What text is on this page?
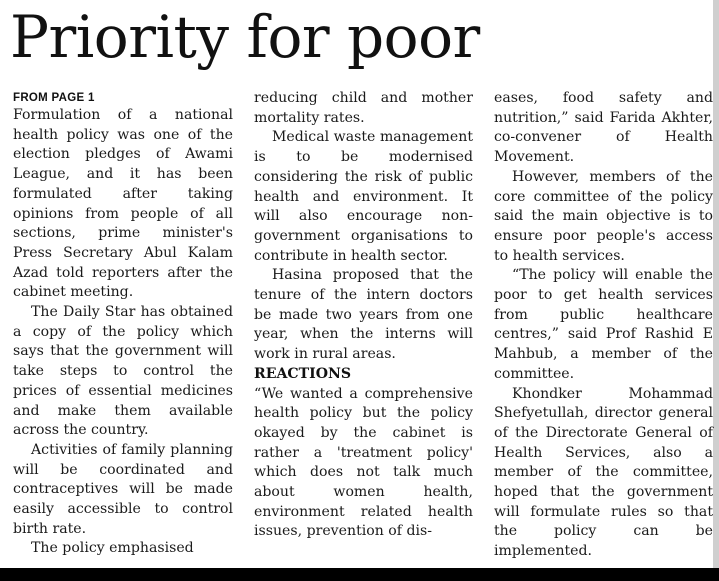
Priority for poor
FROM PAGE 1

Formulation of a national health policy was one of the election pledges of Awami League, and it has been formulated after taking opinions from people of all sections, prime minister's Press Secretary Abul Kalam Azad told reporters after the cabinet meeting.

The Daily Star has obtained a copy of the policy which says that the government will take steps to control the prices of essential medicines and make them available across the country.

Activities of family planning will be coordinated and contraceptives will be made easily accessible to control birth rate.

The policy emphasised

reducing child and mother mortality rates.

Medical waste management is to be modernised considering the risk of public health and environment. It will also encourage non-government organisations to contribute in health sector.

Hasina proposed that the tenure of the intern doctors be made two years from one year, when the interns will work in rural areas.

REACTIONS

“We wanted a comprehensive health policy but the policy okayed by the cabinet is rather a 'treatment policy' which does not talk much about women health, environment related health issues, prevention of dis-

eases, food safety and nutrition,” said Farida Akhter, co-convener of Health Movement.

However, members of the core committee of the policy said the main objective is to ensure poor people's access to health services.

“The policy will enable the poor to get health services from public healthcare centres,” said Prof Rashid E Mahbub, a member of the committee.

Khondker Mohammad Shefyetullah, director general of the Directorate General of Health Services, also a member of the committee, hoped that the government will formulate rules so that the policy can be implemented.
